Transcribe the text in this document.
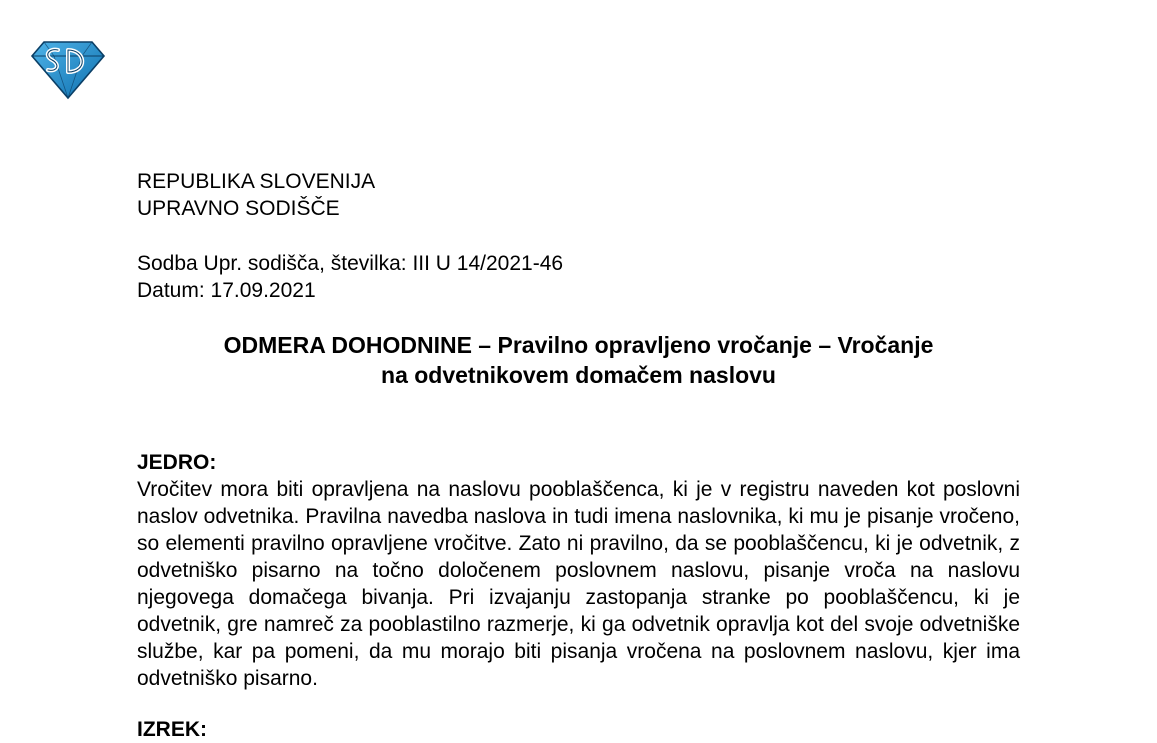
REPUBLIKA SLOVENIJA
UPRAVNO SODIŠČE
Sodba Upr. sodišča, številka: III U 14/2021-46
Datum: 17.09.2021
ODMERA DOHODNINE – Pravilno opravljeno vročanje – Vročanje
na odvetnikovem domačem naslovu
JEDRO:
Vročitev mora biti opravljena na naslovu pooblaščenca, ki je v registru naveden kot poslovni naslov odvetnika. Pravilna navedba naslova in tudi imena naslovnika, ki mu je pisanje vročeno, so elementi pravilno opravljene vročitve. Zato ni pravilno, da se pooblaščencu, ki je odvetnik, z odvetniško pisarno na točno določenem poslovnem naslovu, pisanje vroča na naslovu njegovega domačega bivanja. Pri izvajanju zastopanja stranke po pooblaščencu, ki je odvetnik, gre namreč za pooblastilno razmerje, ki ga odvetnik opravlja kot del svoje odvetniške službe, kar pa pomeni, da mu morajo biti pisanja vročena na poslovnem naslovu, kjer ima odvetniško pisarno.
IZREK:
